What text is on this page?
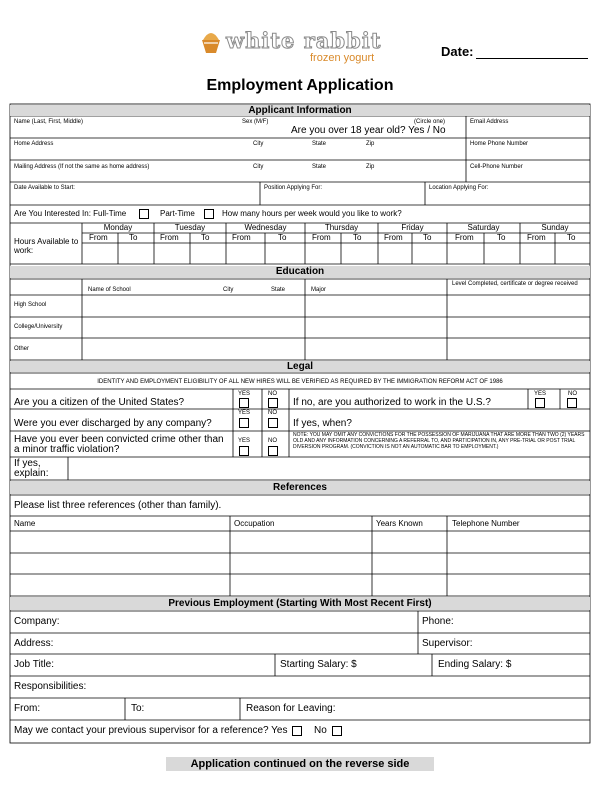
white rabbit
frozen yogurt	Date:
Employment Application
Applicant Information
Education
Legal
References
Previous Employment (Starting With Most Recent First)
Name (Last, First, Middle)	Sex (M/F)	(Circle one)
Are you over 18 year old? Yes / No
Email Address
Home Address	City	State	Zip	Home Phone Number
Mailing Address (If not the same as home address)	City	State	Zip	Cell-Phone Number
Date Available to Start:	Position Applying For:	Location Applying For:
Are You Interested In: Full-Time	Part-Time	How many hours per week would you like to work?
Hours Available to work:
Monday	Tuesday	Wednesday	Thursday	Friday	Saturday	Sunday
From	To	From	To	From	To	From	To	From	To	From	To	From	To
Name of School	City	State	Major
Level Completed, certificate or degree received
High School
College/University
Other
IDENTITY AND EMPLOYMENT ELIGIBILITY OF ALL NEW HIRES WILL BE VERIFIED AS REQUIRED BY THE IMMIGRATION REFORM ACT OF 1986
Are you a citizen of the United States?
YES	NO
If no, are you authorized to work in the U.S.?
YES	NO
Were you ever discharged by any company?
YES	NO
If yes, when?
Have you ever been convicted crime other than a minor traffic violation?
YES	NO
NOTE: YOU MAY OMIT ANY CONVICTIONS FOR THE POSSESSION OF MARIJUANA THAT ARE MORE THAN TWO (2) YEARS OLD AND ANY INFORMATION CONCERNING A REFERRAL TO, AND PARTICIPATION IN, ANY PRE-TRIAL OR POST TRIAL DIVERSION PROGRAM. (CONVICTION IS NOT AN AUTOMATIC BAR TO EMPLOYMENT.)
If yes, explain:
Please list three references (other than family).
Name	Occupation	Years Known	Telephone Number
Company:	Phone:
Address:	Supervisor:
Job Title:	Starting Salary: $	Ending Salary: $
Responsibilities:
From:	To:	Reason for Leaving:
May we contact your previous supervisor for a reference? Yes	No
Application continued on the reverse side
